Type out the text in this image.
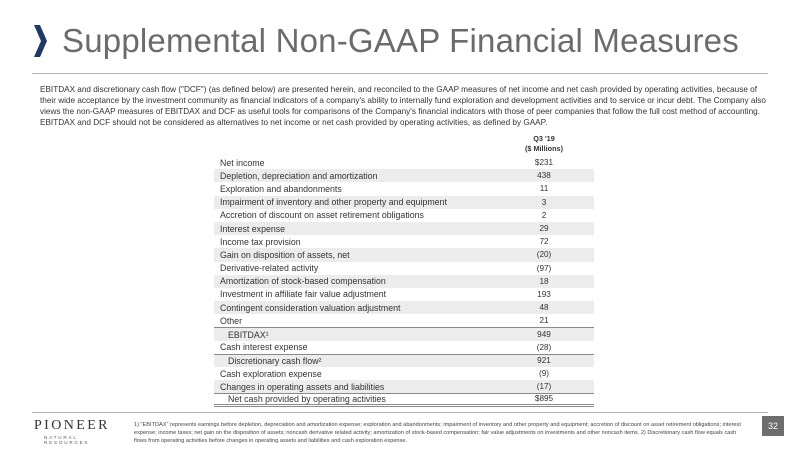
Supplemental Non-GAAP Financial Measures
EBITDAX and discretionary cash flow ("DCF") (as defined below) are presented herein, and reconciled to the GAAP measures of net income and net cash provided by operating activities, because of their wide acceptance by the investment community as financial indicators of a company's ability to internally fund exploration and development activities and to service or incur debt. The Company also views the non-GAAP measures of EBITDAX and DCF as useful tools for comparisons of the Company's financial indicators with those of peer companies that follow the full cost method of accounting. EBITDAX and DCF should not be considered as alternatives to net income or net cash provided by operating activities, as defined by GAAP.
Q3 '19
($ Millions)
Net income	$231
Depletion, depreciation and amortization	438
Exploration and abandonments	11
Impairment of inventory and other property and equipment	3
Accretion of discount on asset retirement obligations	2
Interest expense	29
Income tax provision	72
Gain on disposition of assets, net	(20)
Derivative-related activity	(97)
Amortization of stock-based compensation	18
Investment in affiliate fair value adjustment	193
Contingent consideration valuation adjustment	48
Other	21
EBITDAX¹	949
Cash interest expense	(28)
Discretionary cash flow²	921
Cash exploration expense	(9)
Changes in operating assets and liabilities	(17)
Net cash provided by operating activities	$895
PIONEER
NATURAL RESOURCES
1) "EBITDAX" represents earnings before depletion, depreciation and amortization expense; exploration and abandonments; impairment of inventory and other property and equipment; accretion of discount on asset retirement obligations; interest expense; income taxes; net gain on the disposition of assets; noncash derivative related activity; amortization of stock-based compensation; fair value adjustments on investments and other noncash items. 2) Discretionary cash flow equals cash flows from operating activities before changes in operating assets and liabilities and cash exploration expense.
32
